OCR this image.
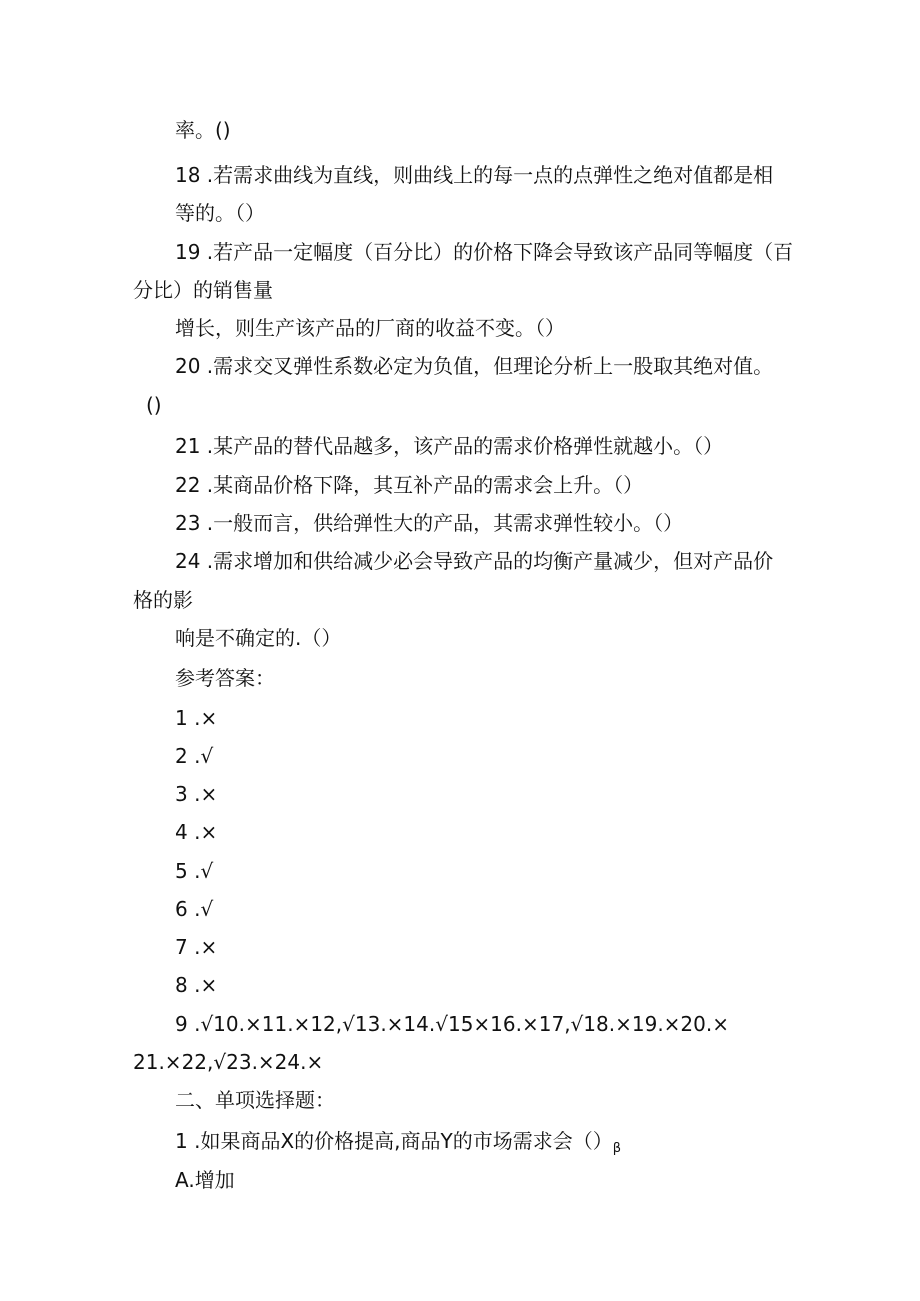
率。()

18 .若需求曲线为直线，则曲线上的每一点的点弹性之绝对值都是相

等的。（）

19 .若产品一定幅度（百分比）的价格下降会导致该产品同等幅度（百

分比）的销售量

增长，则生产该产品的厂商的收益不变。（）

20 .需求交叉弹性系数必定为负值，但理论分析上一股取其绝对值。

()

21 .某产品的替代品越多，该产品的需求价格弹性就越小。（）

22 .某商品价格下降，其互补产品的需求会上升。（）

23 .一般而言，供给弹性大的产品，其需求弹性较小。（）

24 .需求增加和供给减少必会导致产品的均衡产量减少，但对产品价

格的影

响是不确定的.（）

参考答案：

1 .×

2 .√

3 .×

4 .×

5 .√

6 .√

7 .×

8 .×

9 .√10.×11.×12,√13.×14.√15×16.×17,√18.×19.×20.×

21.×22,√23.×24.×

二、单项选择题：

1 .如果商品X的价格提高,商品Y的市场需求会$()_\beta$

A.增加
